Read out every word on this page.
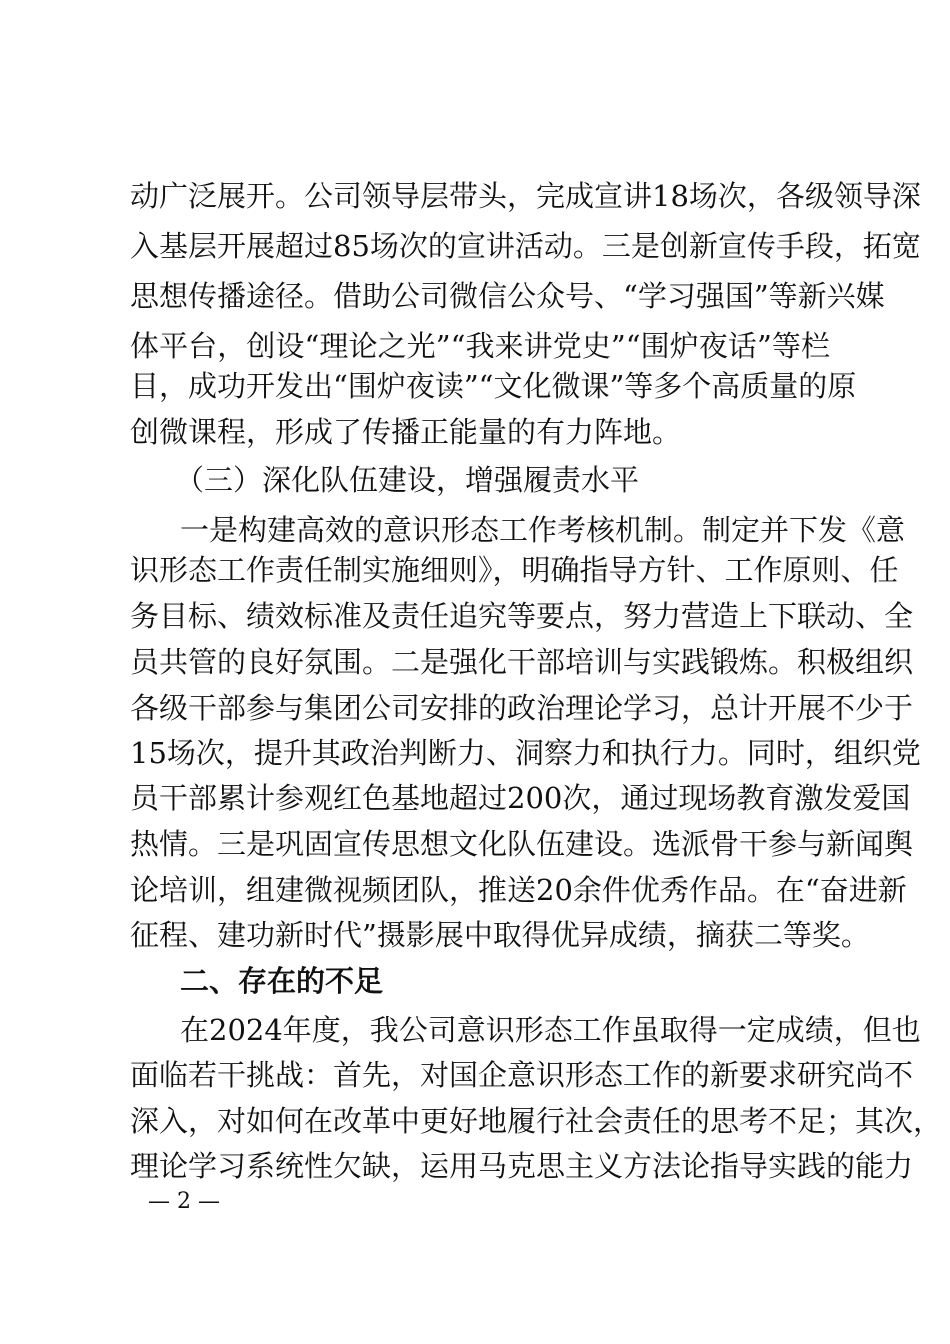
动广泛展开。公司领导层带头，完成宣讲18场次，各级领导深
入基层开展超过85场次的宣讲活动。三是创新宣传手段，拓宽
思想传播途径。借助公司微信公众号、“学习强国”等新兴媒
体平台，创设“理论之光”“我来讲党史”“围炉夜话”等栏
目，成功开发出“围炉夜读”“文化微课”等多个高质量的原
创微课程，形成了传播正能量的有力阵地。
（三）深化队伍建设，增强履责水平
一是构建高效的意识形态工作考核机制。制定并下发《意
识形态工作责任制实施细则》，明确指导方针、工作原则、任
务目标、绩效标准及责任追究等要点，努力营造上下联动、全
员共管的良好氛围。二是强化干部培训与实践锻炼。积极组织
各级干部参与集团公司安排的政治理论学习，总计开展不少于
15场次，提升其政治判断力、洞察力和执行力。同时，组织党
员干部累计参观红色基地超过200次，通过现场教育激发爱国
热情。三是巩固宣传思想文化队伍建设。选派骨干参与新闻舆
论培训，组建微视频团队，推送20余件优秀作品。在“奋进新
征程、建功新时代”摄影展中取得优异成绩，摘获二等奖。
二、存在的不足
在2024年度，我公司意识形态工作虽取得一定成绩，但也
面临若干挑战：首先，对国企意识形态工作的新要求研究尚不
深入，对如何在改革中更好地履行社会责任的思考不足；其次，
理论学习系统性欠缺，运用马克思主义方法论指导实践的能力
— 2 —
